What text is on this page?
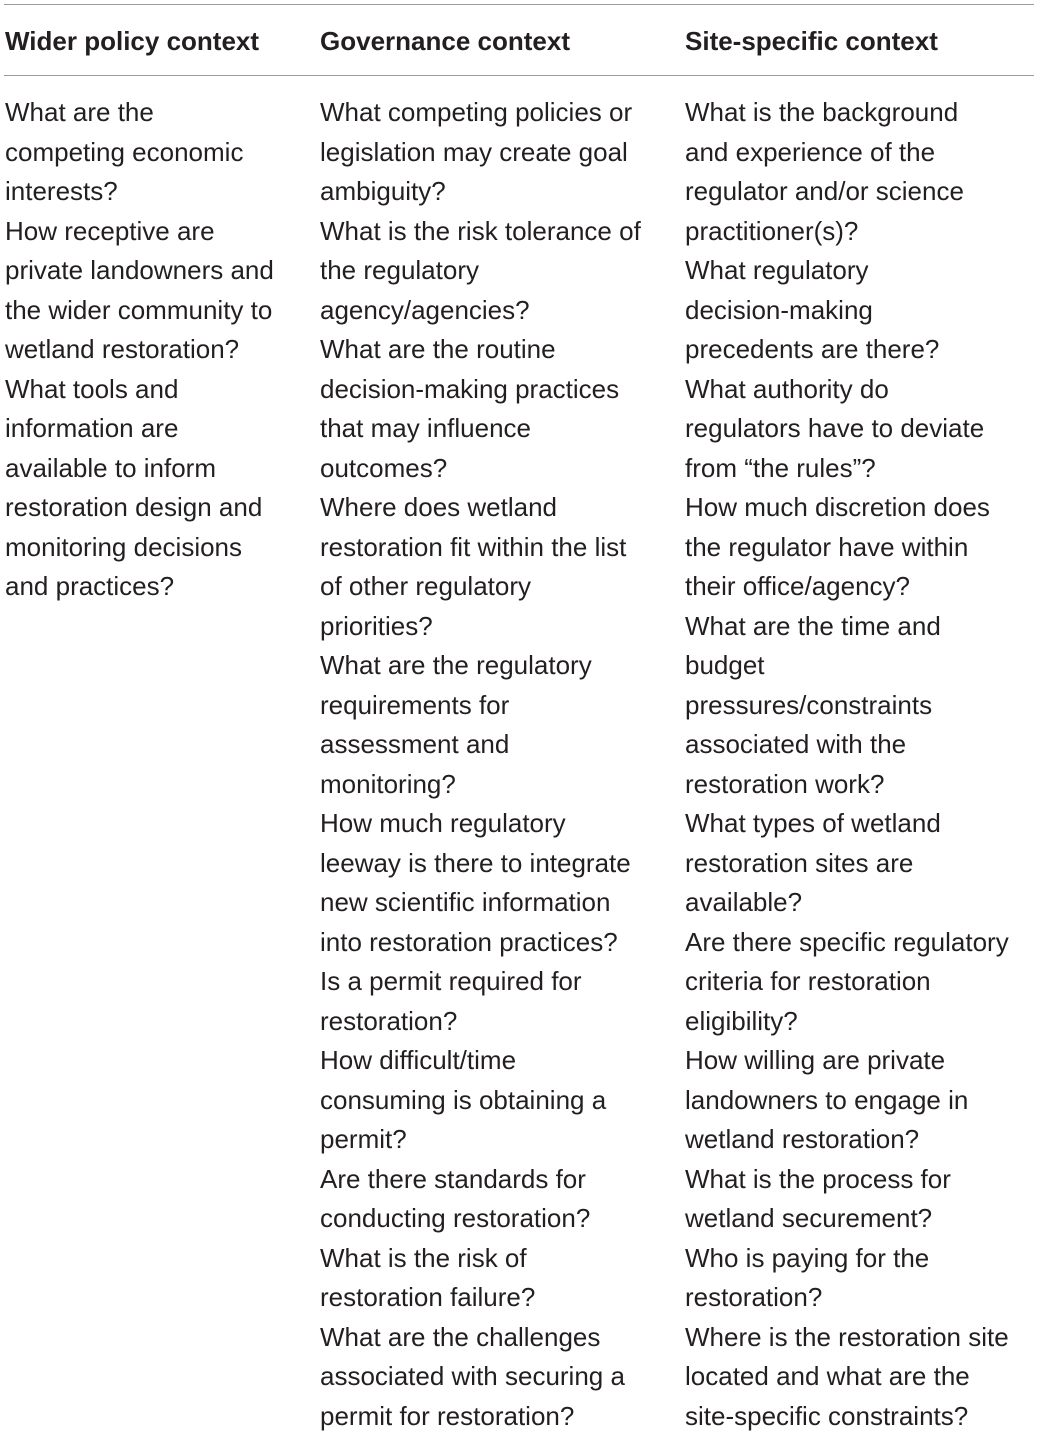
Wider policy context Governance context	Site-specific context
What are the
competing economic
interests?
How receptive are
private landowners and
the wider community to
wetland restoration?
What tools and
information are
available to inform
restoration design and
monitoring decisions
and practices?
What competing policies or
legislation may create goal
ambiguity?
What is the risk tolerance of
the regulatory
agency/agencies?
What are the routine
decision-making practices
that may influence
outcomes?
Where does wetland
restoration fit within the list
of other regulatory
priorities?
What are the regulatory
requirements for
assessment and
monitoring?
How much regulatory
leeway is there to integrate
new scientific information
into restoration practices?
Is a permit required for
restoration?
How difficult/time
consuming is obtaining a
permit?
Are there standards for
conducting restoration?
What is the risk of
restoration failure?
What are the challenges
associated with securing a
permit for restoration?
What is the background
and experience of the
regulator and/or science
practitioner(s)?
What regulatory
decision-making
precedents are there?
What authority do
regulators have to deviate
from “the rules”?
How much discretion does
the regulator have within
their office/agency?
What are the time and
budget
pressures/constraints
associated with the
restoration work?
What types of wetland
restoration sites are
available?
Are there specific regulatory
criteria for restoration
eligibility?
How willing are private
landowners to engage in
wetland restoration?
What is the process for
wetland securement?
Who is paying for the
restoration?
Where is the restoration site
located and what are the
site-specific constraints?
